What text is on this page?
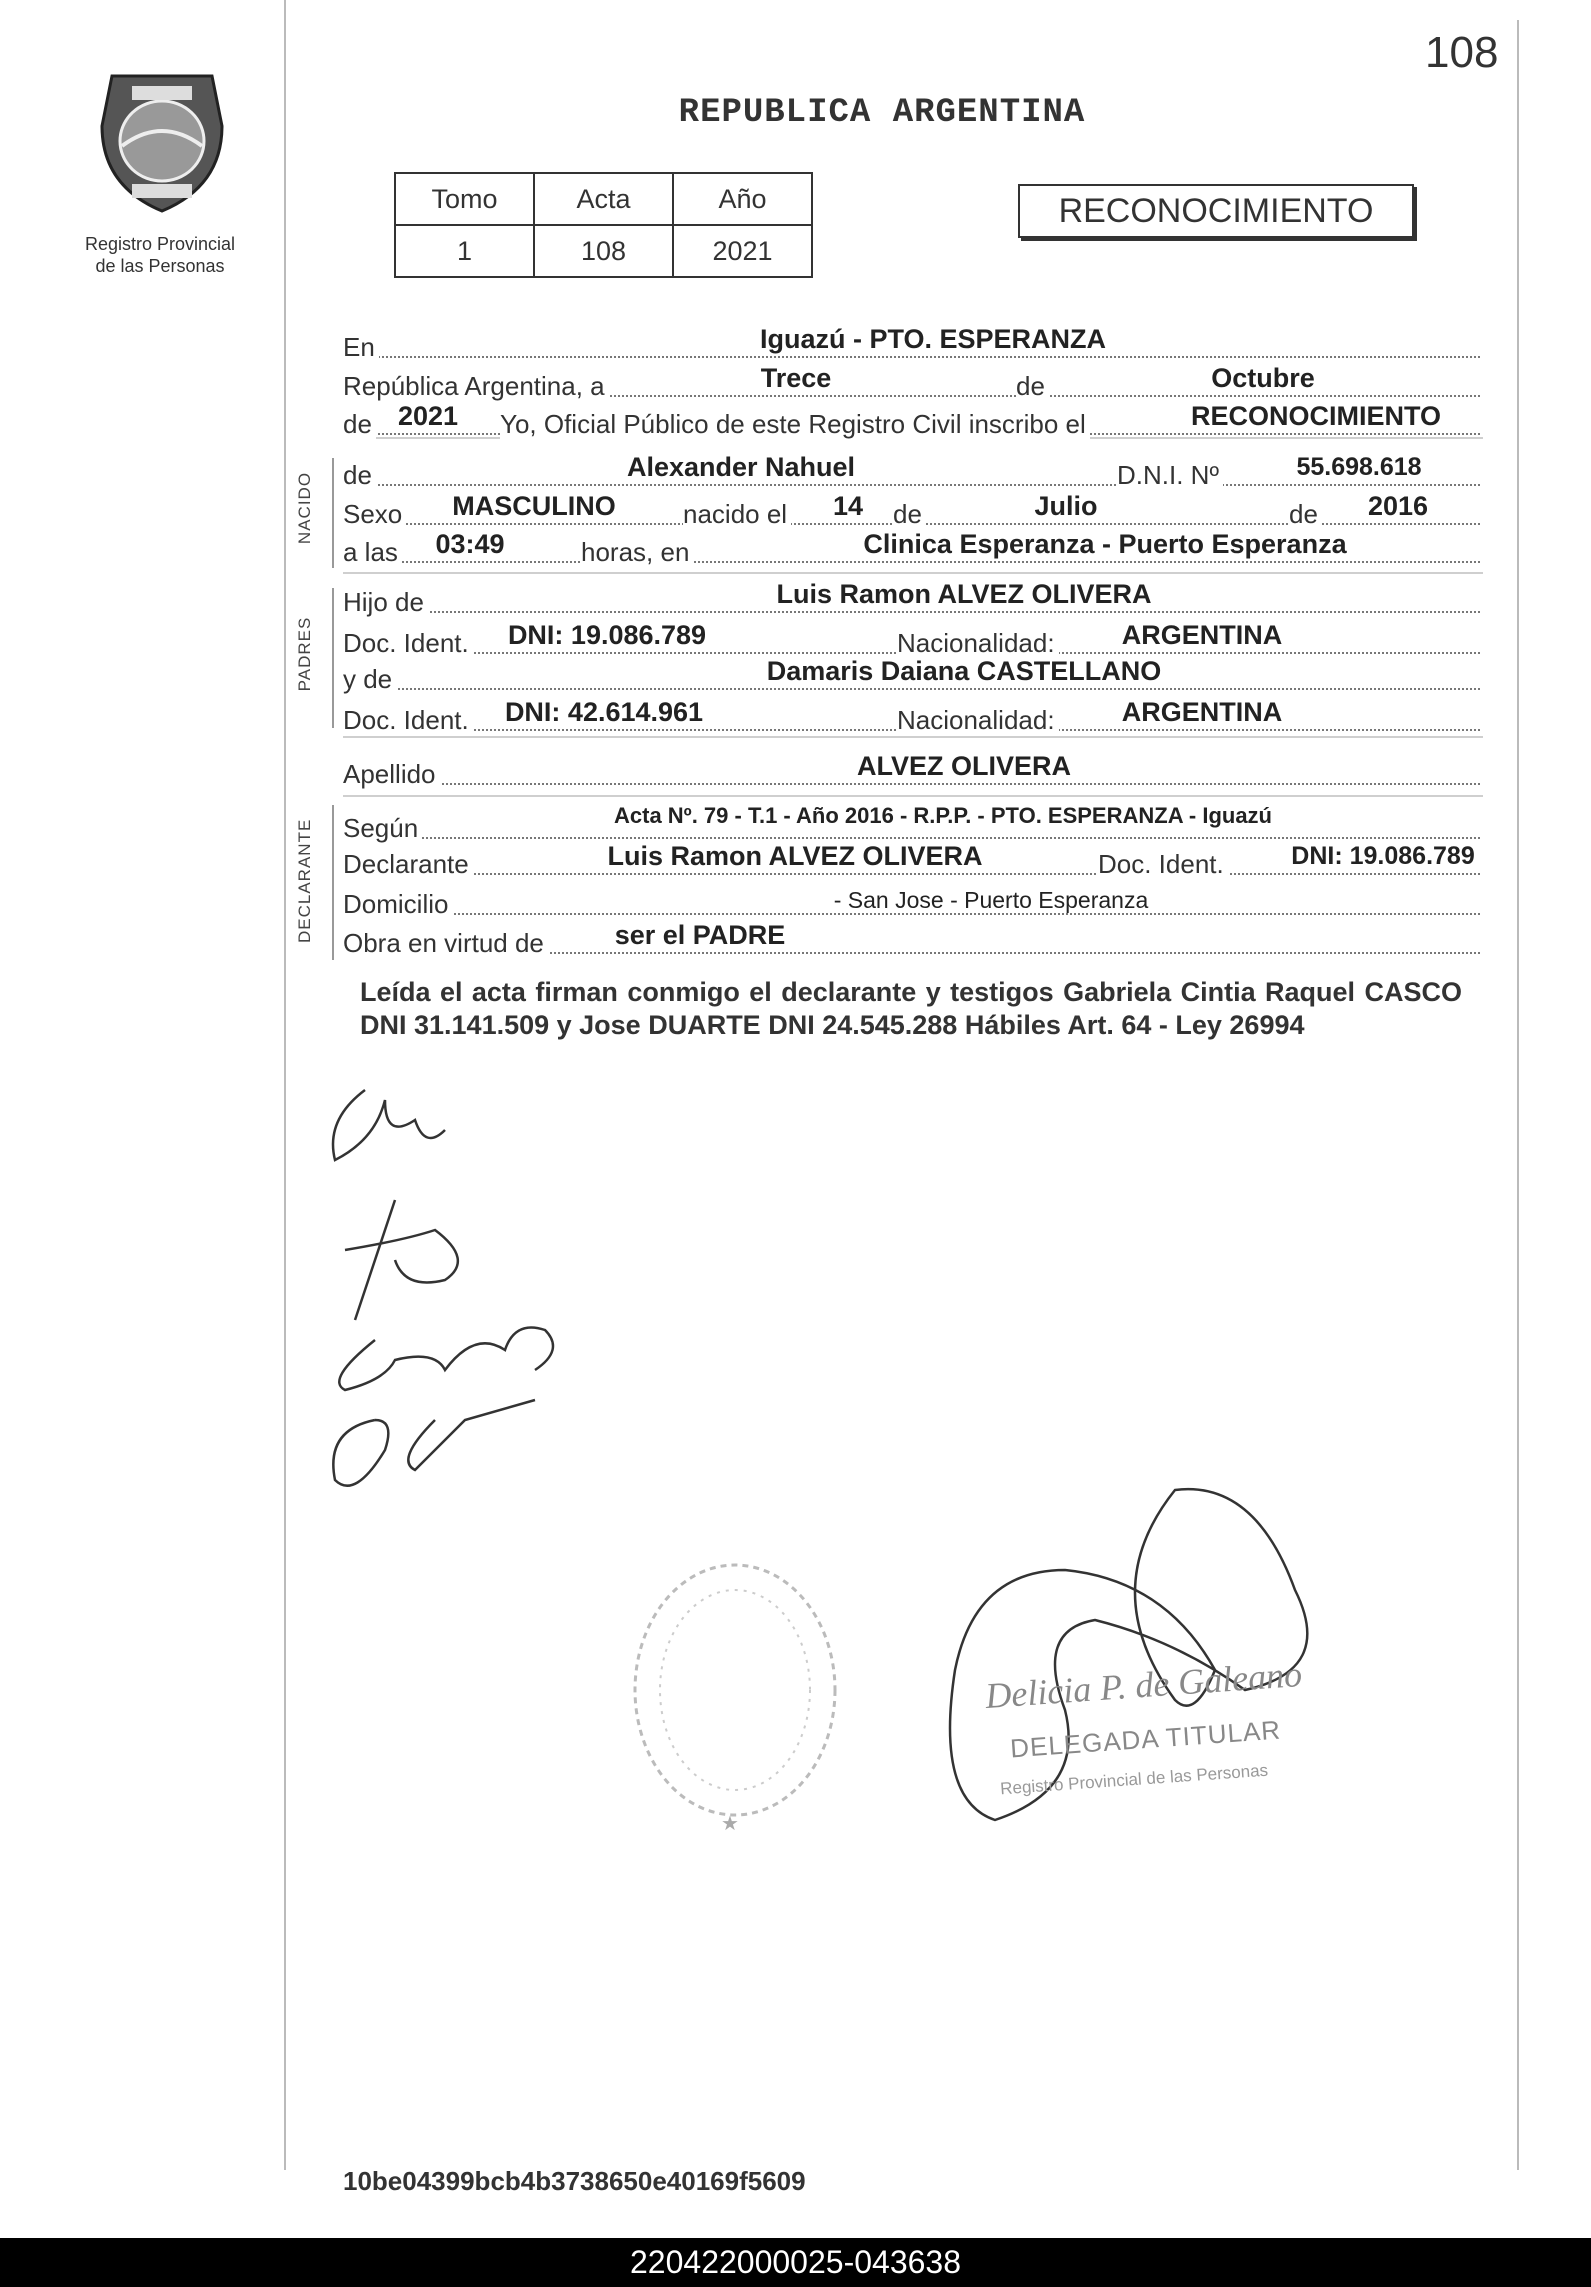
Registro Provincial
de las Personas
108
REPUBLICA ARGENTINA
Tomo	Acta	Año
1	108	2021
RECONOCIMIENTO
NACIDO
PADRES
DECLARANTE
En	Iguazú - PTO. ESPERANZA
República Argentina, a	Trece	de	Octubre
de 2021 Yo, Oficial Público de este Registro Civil inscribo el	RECONOCIMIENTO
de	Alexander Nahuel	D.N.I. Nº	55.698.618
Sexo MASCULINO	nacido el 14 de	Julio	de 2016
a las 03:49	horas, en	Clinica Esperanza - Puerto Esperanza
Hijo de	Luis Ramon ALVEZ OLIVERA
Doc. Ident. DNI: 19.086.789	Nacionalidad: ARGENTINA
y de	Damaris Daiana CASTELLANO
Doc. Ident. DNI: 42.614.961	Nacionalidad: ARGENTINA
Apellido	ALVEZ OLIVERA
Según	Acta Nº. 79 - T.1 - Año 2016 - R.P.P. - PTO. ESPERANZA - Iguazú
Declarante	Luis Ramon ALVEZ OLIVERA	Doc. Ident.	DNI: 19.086.789
Domicilio	- San Jose - Puerto Esperanza
Obra en virtud de	ser el PADRE
Leída el acta firman conmigo el declarante y testigos Gabriela Cintia Raquel CASCO DNI 31.141.509 y Jose DUARTE DNI 24.545.288 Hábiles Art. 64 - Ley 26994
★
Delicia P. de Galeano
DELEGADA TITULAR
Registro Provincial de las Personas
10be04399bcb4b3738650e40169f5609
220422000025-043638
